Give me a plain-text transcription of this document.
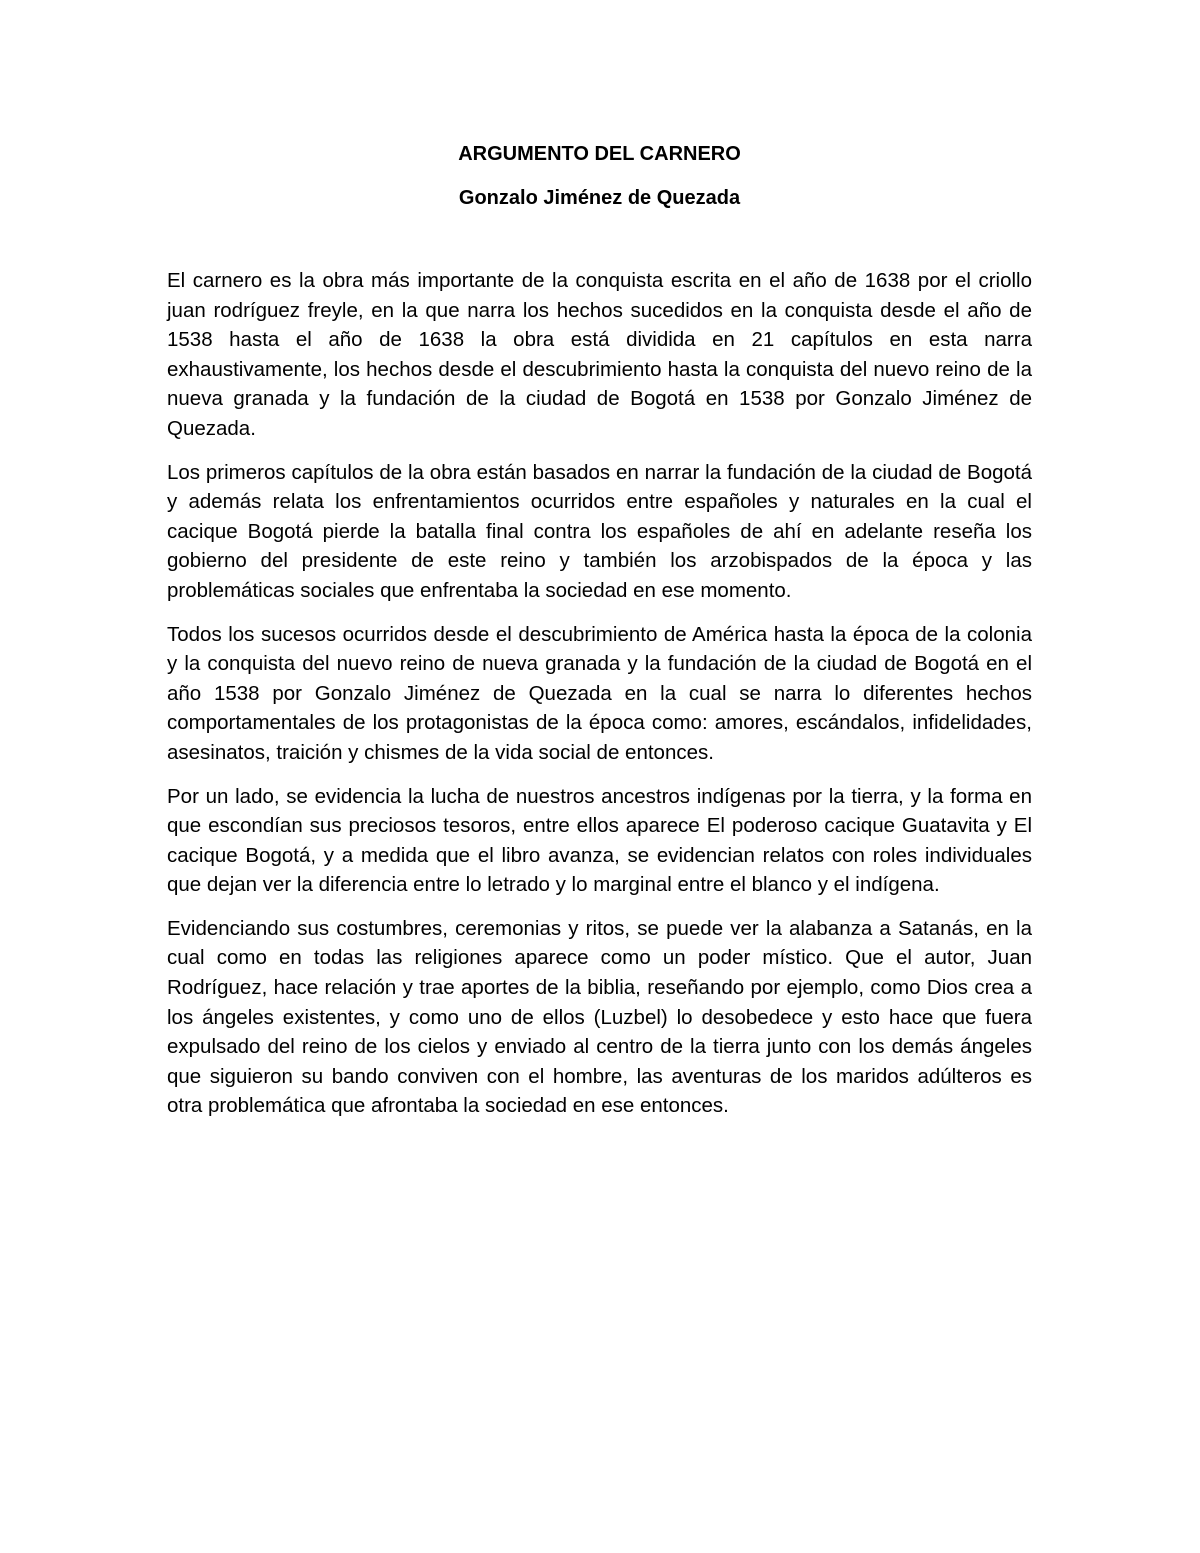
ARGUMENTO DEL CARNERO
Gonzalo Jiménez de Quezada

El carnero es la obra más importante de la conquista escrita en el año de 1638 por el criollo juan rodríguez freyle, en la que narra los hechos sucedidos en la conquista desde el año de 1538 hasta el año de 1638 la obra está dividida en 21 capítulos en esta narra exhaustivamente, los hechos desde el descubrimiento hasta la conquista del nuevo reino de la nueva granada y la fundación de la ciudad de Bogotá en 1538 por Gonzalo Jiménez de Quezada.

Los primeros capítulos de la obra están basados en narrar la fundación de la ciudad de Bogotá y además relata los enfrentamientos ocurridos entre españoles y naturales en la cual el cacique Bogotá pierde la batalla final contra los españoles de ahí en adelante reseña los gobierno del presidente de este reino y también los arzobispados de la época y las problemáticas sociales que enfrentaba la sociedad en ese momento.

Todos los sucesos ocurridos desde el descubrimiento de América hasta la época de la colonia y la conquista del nuevo reino de nueva granada y la fundación de la ciudad de Bogotá en el año 1538 por Gonzalo Jiménez de Quezada en la cual se narra lo diferentes hechos comportamentales de los protagonistas de la época como: amores, escándalos, infidelidades, asesinatos, traición y chismes de la vida social de entonces.

Por un lado, se evidencia la lucha de nuestros ancestros indígenas por la tierra, y la forma en que escondían sus preciosos tesoros, entre ellos aparece El poderoso cacique Guatavita y El cacique Bogotá, y a medida que el libro avanza, se evidencian relatos con roles individuales que dejan ver la diferencia entre lo letrado y lo marginal entre el blanco y el indígena.

Evidenciando sus costumbres, ceremonias y ritos, se puede ver la alabanza a Satanás, en la cual como en todas las religiones aparece como un poder místico. Que el autor, Juan Rodríguez, hace relación y trae aportes de la biblia, reseñando por ejemplo, como Dios crea a los ángeles existentes, y como uno de ellos (Luzbel) lo desobedece y esto hace que fuera expulsado del reino de los cielos y enviado al centro de la tierra junto con los demás ángeles que siguieron su bando conviven con el hombre, las aventuras de los maridos adúlteros es otra problemática que afrontaba la sociedad en ese entonces.
